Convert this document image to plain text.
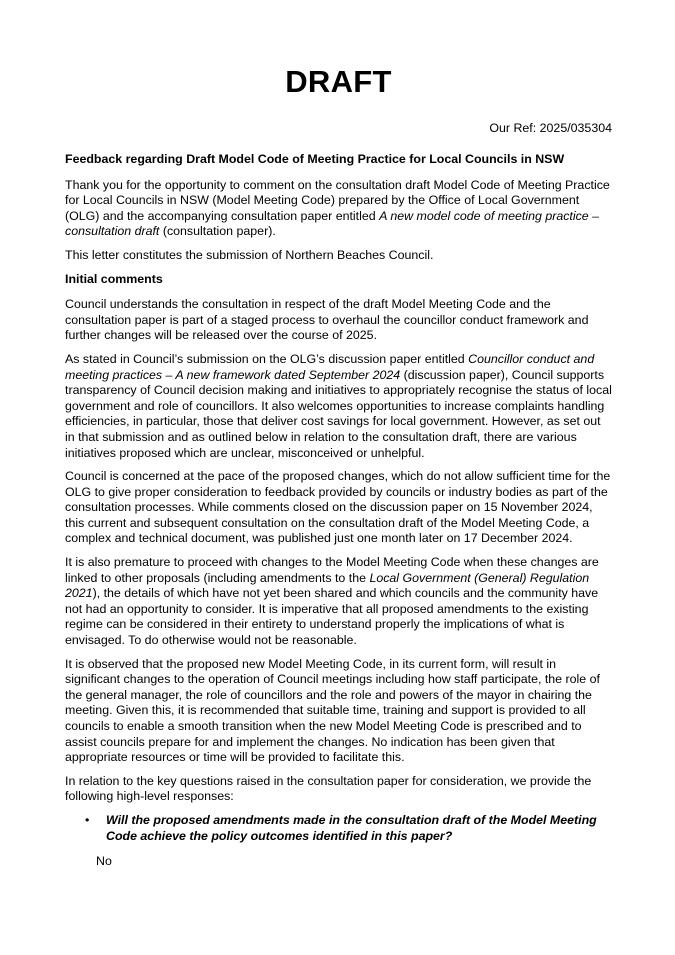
DRAFT
Our Ref: 2025/035304
Feedback regarding Draft Model Code of Meeting Practice for Local Councils in NSW

Thank you for the opportunity to comment on the consultation draft Model Code of Meeting Practice for Local Councils in NSW (Model Meeting Code) prepared by the Office of Local Government (OLG) and the accompanying consultation paper entitled A new model code of meeting practice – consultation draft (consultation paper).

This letter constitutes the submission of Northern Beaches Council.

Initial comments

Council understands the consultation in respect of the draft Model Meeting Code and the consultation paper is part of a staged process to overhaul the councillor conduct framework and further changes will be released over the course of 2025.

As stated in Council’s submission on the OLG’s discussion paper entitled Councillor conduct and meeting practices – A new framework dated September 2024 (discussion paper), Council supports transparency of Council decision making and initiatives to appropriately recognise the status of local government and role of councillors. It also welcomes opportunities to increase complaints handling efficiencies, in particular, those that deliver cost savings for local government. However, as set out in that submission and as outlined below in relation to the consultation draft, there are various initiatives proposed which are unclear, misconceived or unhelpful.

Council is concerned at the pace of the proposed changes, which do not allow sufficient time for the OLG to give proper consideration to feedback provided by councils or industry bodies as part of the consultation processes. While comments closed on the discussion paper on 15 November 2024, this current and subsequent consultation on the consultation draft of the Model Meeting Code, a complex and technical document, was published just one month later on 17 December 2024.

It is also premature to proceed with changes to the Model Meeting Code when these changes are linked to other proposals (including amendments to the Local Government (General) Regulation 2021), the details of which have not yet been shared and which councils and the community have not had an opportunity to consider. It is imperative that all proposed amendments to the existing regime can be considered in their entirety to understand properly the implications of what is envisaged. To do otherwise would not be reasonable.

It is observed that the proposed new Model Meeting Code, in its current form, will result in significant changes to the operation of Council meetings including how staff participate, the role of the general manager, the role of councillors and the role and powers of the mayor in chairing the meeting. Given this, it is recommended that suitable time, training and support is provided to all councils to enable a smooth transition when the new Model Meeting Code is prescribed and to assist councils prepare for and implement the changes. No indication has been given that appropriate resources or time will be provided to facilitate this.

In relation to the key questions raised in the consultation paper for consideration, we provide the following high-level responses:

• Will the proposed amendments made in the consultation draft of the Model Meeting Code achieve the policy outcomes identified in this paper?
No
